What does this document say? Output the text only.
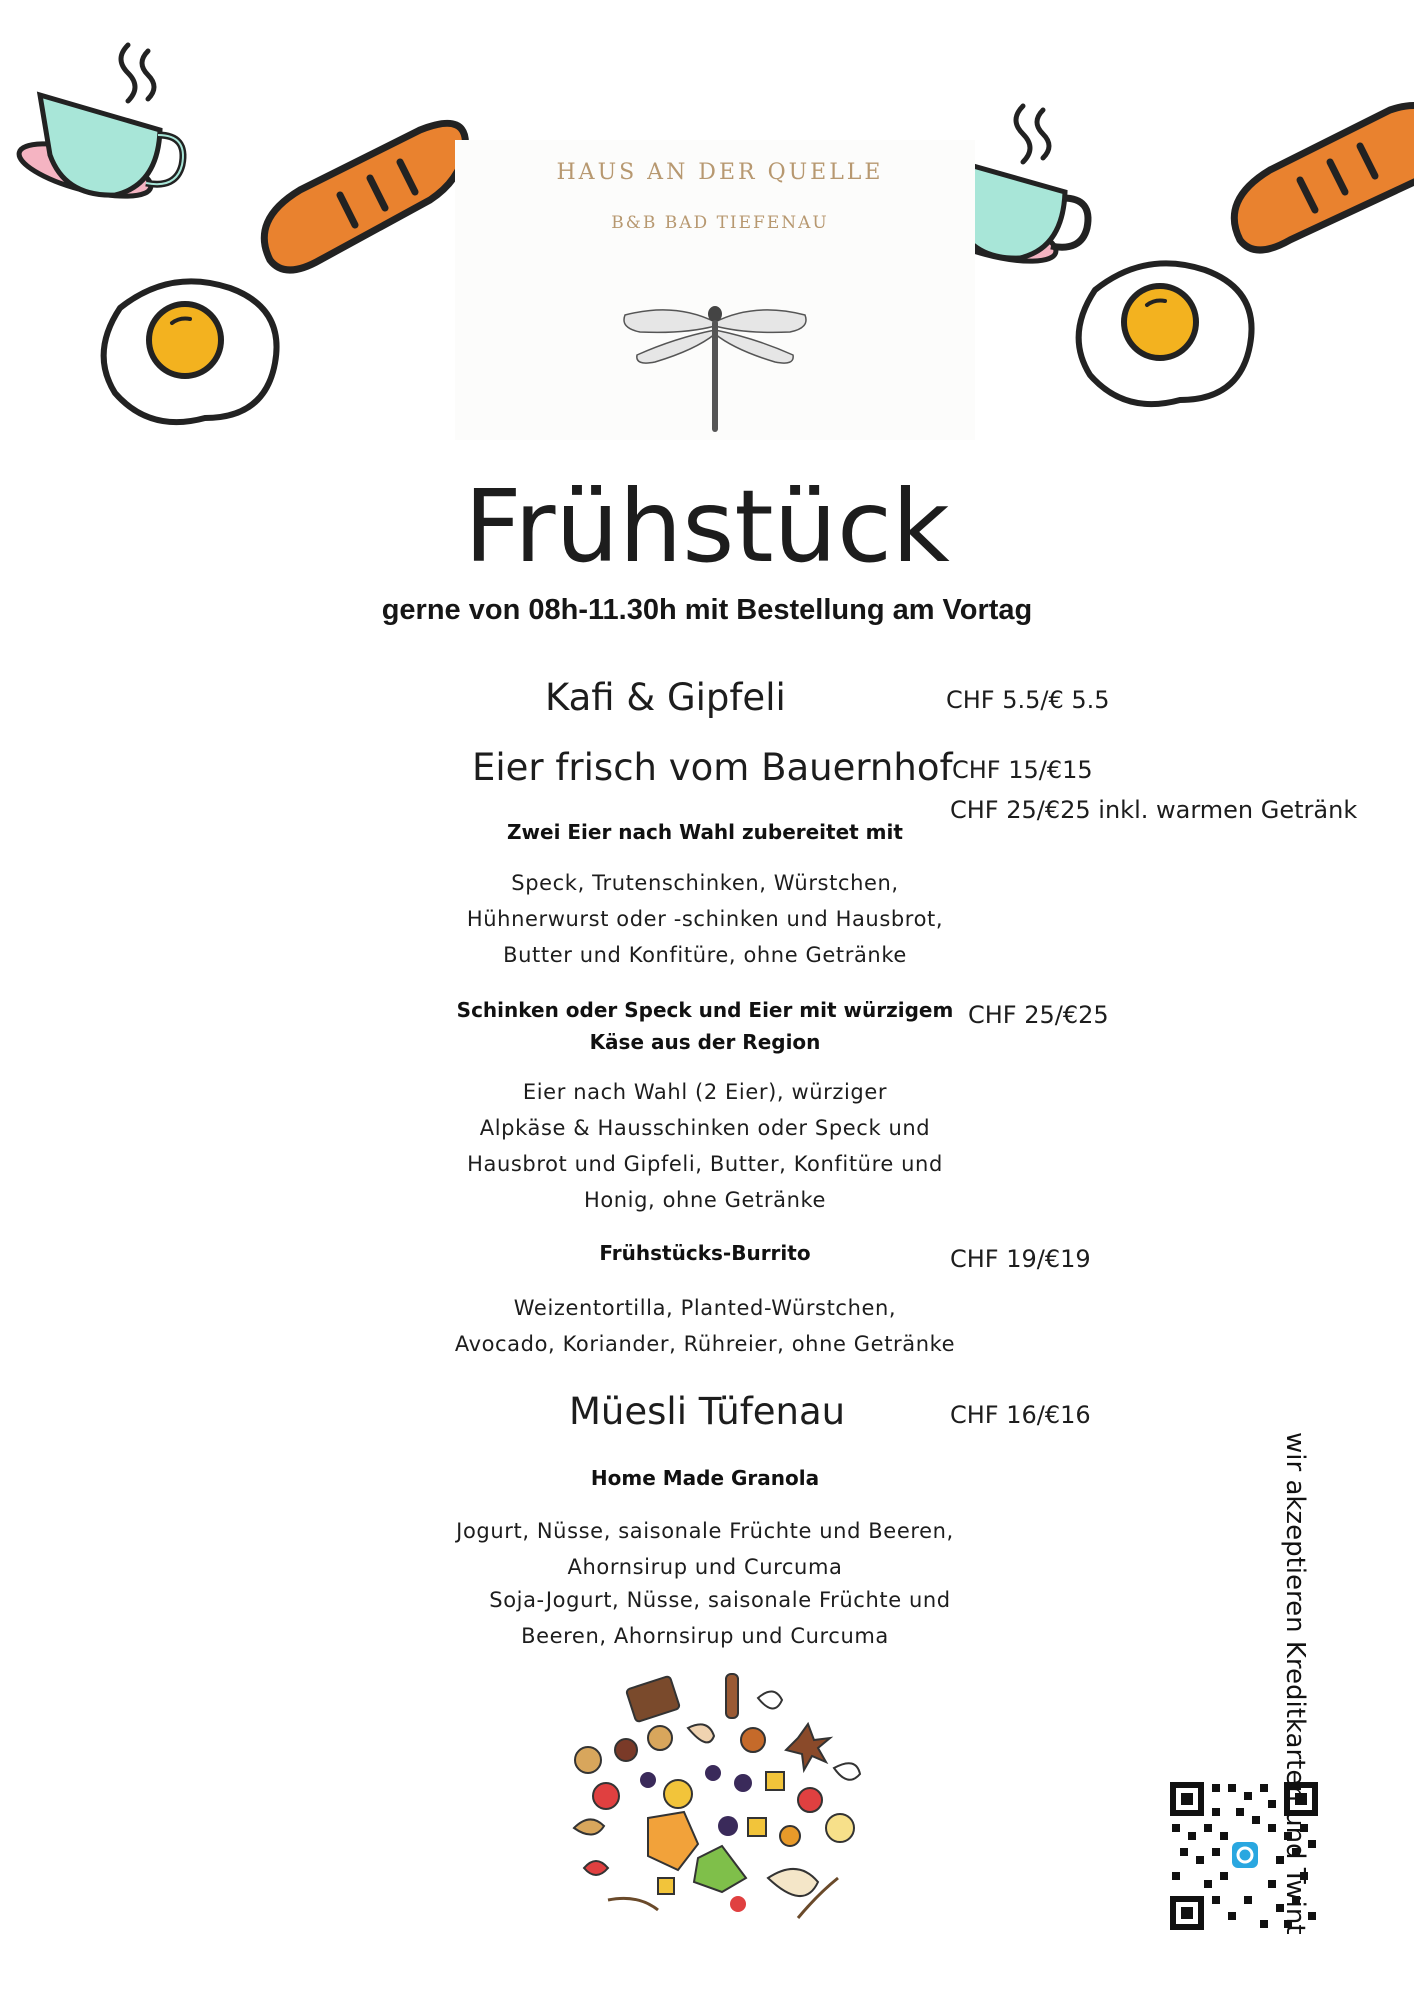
HAUS AN DER QUELLE
B&B BAD TIEFENAU
Frühstück
gerne von 08h-11.30h mit Bestellung am Vortag
Kafi & Gipfeli	CHF 5.5/€ 5.5
Eier frisch vom Bauernhof CHF 15/€15
CHF 25/€25 inkl. warmen Getränk
Zwei Eier nach Wahl zubereitet mit
Speck, Trutenschinken, Würstchen,
Hühnerwurst oder -schinken und Hausbrot,
Butter und Konfitüre, ohne Getränke
Schinken oder Speck und Eier mit würzigem
Käse aus der Region
CHF 25/€25
Eier nach Wahl (2 Eier), würziger
Alpkäse & Hausschinken oder Speck und
Hausbrot und Gipfeli, Butter, Konfitüre und
Honig, ohne Getränke
Frühstücks-Burrito	CHF 19/€19
Weizentortilla, Planted-Würstchen,
Avocado, Koriander, Rühreier, ohne Getränke
Müesli Tüfenau	CHF 16/€16
Home Made Granola
Jogurt, Nüsse, saisonale Früchte und Beeren,
Ahornsirup und Curcuma
Soja-Jogurt, Nüsse, saisonale Früchte und
Beeren, Ahornsirup und Curcuma	wir akzeptieren Kreditkarten und Twint
